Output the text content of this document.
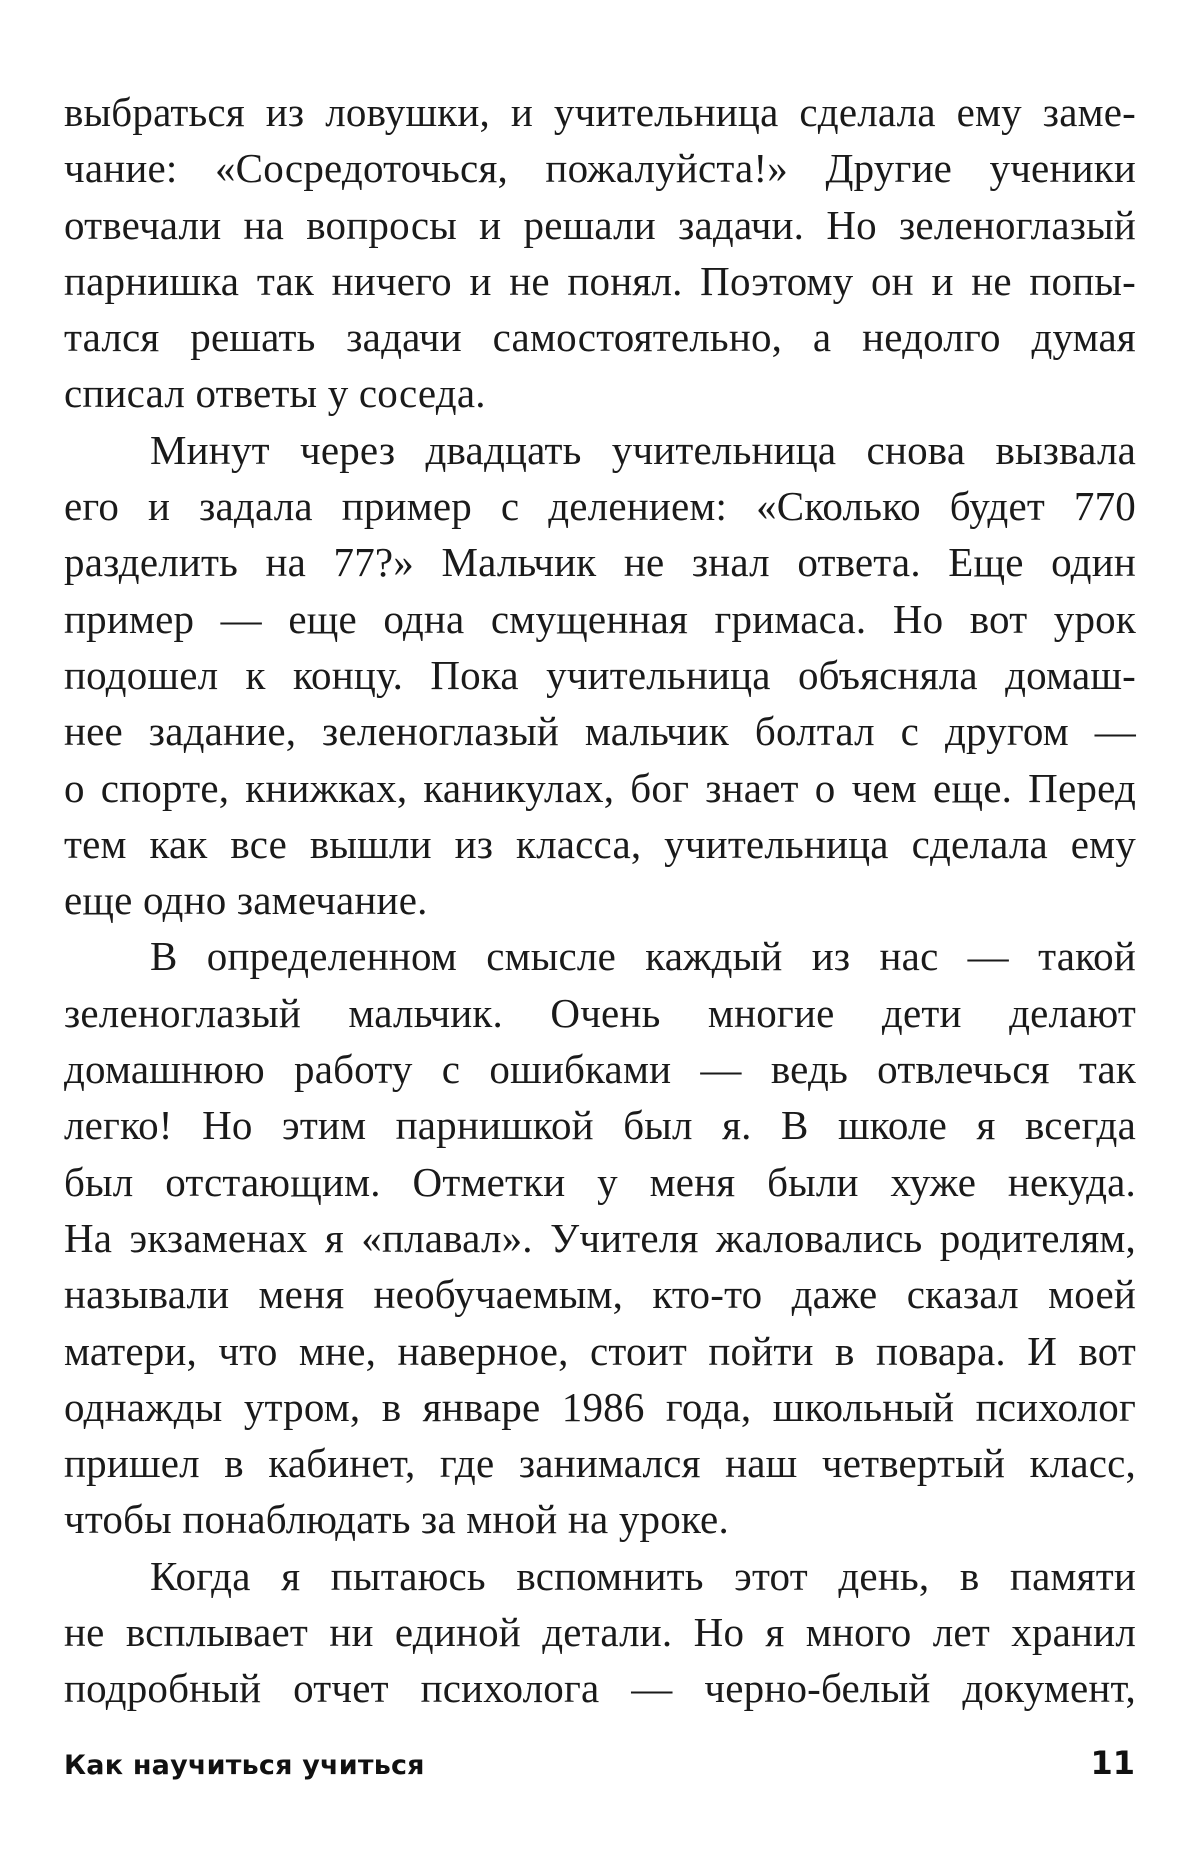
выбраться из ловушки, и учительница сделала ему заме-
чание: «Сосредоточься, пожалуйста!» Другие ученики
отвечали на вопросы и решали задачи. Но зеленоглазый
парнишка так ничего и не понял. Поэтому он и не попы-
тался решать задачи самостоятельно, а недолго думая
списал ответы у соседа.
Минут через двадцать учительница снова вызвала
его и задала пример с делением: «Сколько будет 770
разделить на 77?» Мальчик не знал ответа. Еще один
пример — еще одна смущенная гримаса. Но вот урок
подошел к концу. Пока учительница объясняла домаш-
нее задание, зеленоглазый мальчик болтал с другом —
о спорте, книжках, каникулах, бог знает о чем еще. Перед
тем как все вышли из класса, учительница сделала ему
еще одно замечание.
В определенном смысле каждый из нас — такой
зеленоглазый мальчик. Очень многие дети делают
домашнюю работу с ошибками — ведь отвлечься так
легко! Но этим парнишкой был я. В школе я всегда
был отстающим. Отметки у меня были хуже некуда.
На экзаменах я «плавал». Учителя жаловались родителям,
называли меня необучаемым, кто-то даже сказал моей
матери, что мне, наверное, стоит пойти в повара. И вот
однажды утром, в январе 1986 года, школьный психолог
пришел в кабинет, где занимался наш четвертый класс,
чтобы понаблюдать за мной на уроке.
Когда я пытаюсь вспомнить этот день, в памяти
не всплывает ни единой детали. Но я много лет хранил
подробный отчет психолога — черно-белый документ,
Как научиться учиться	11
